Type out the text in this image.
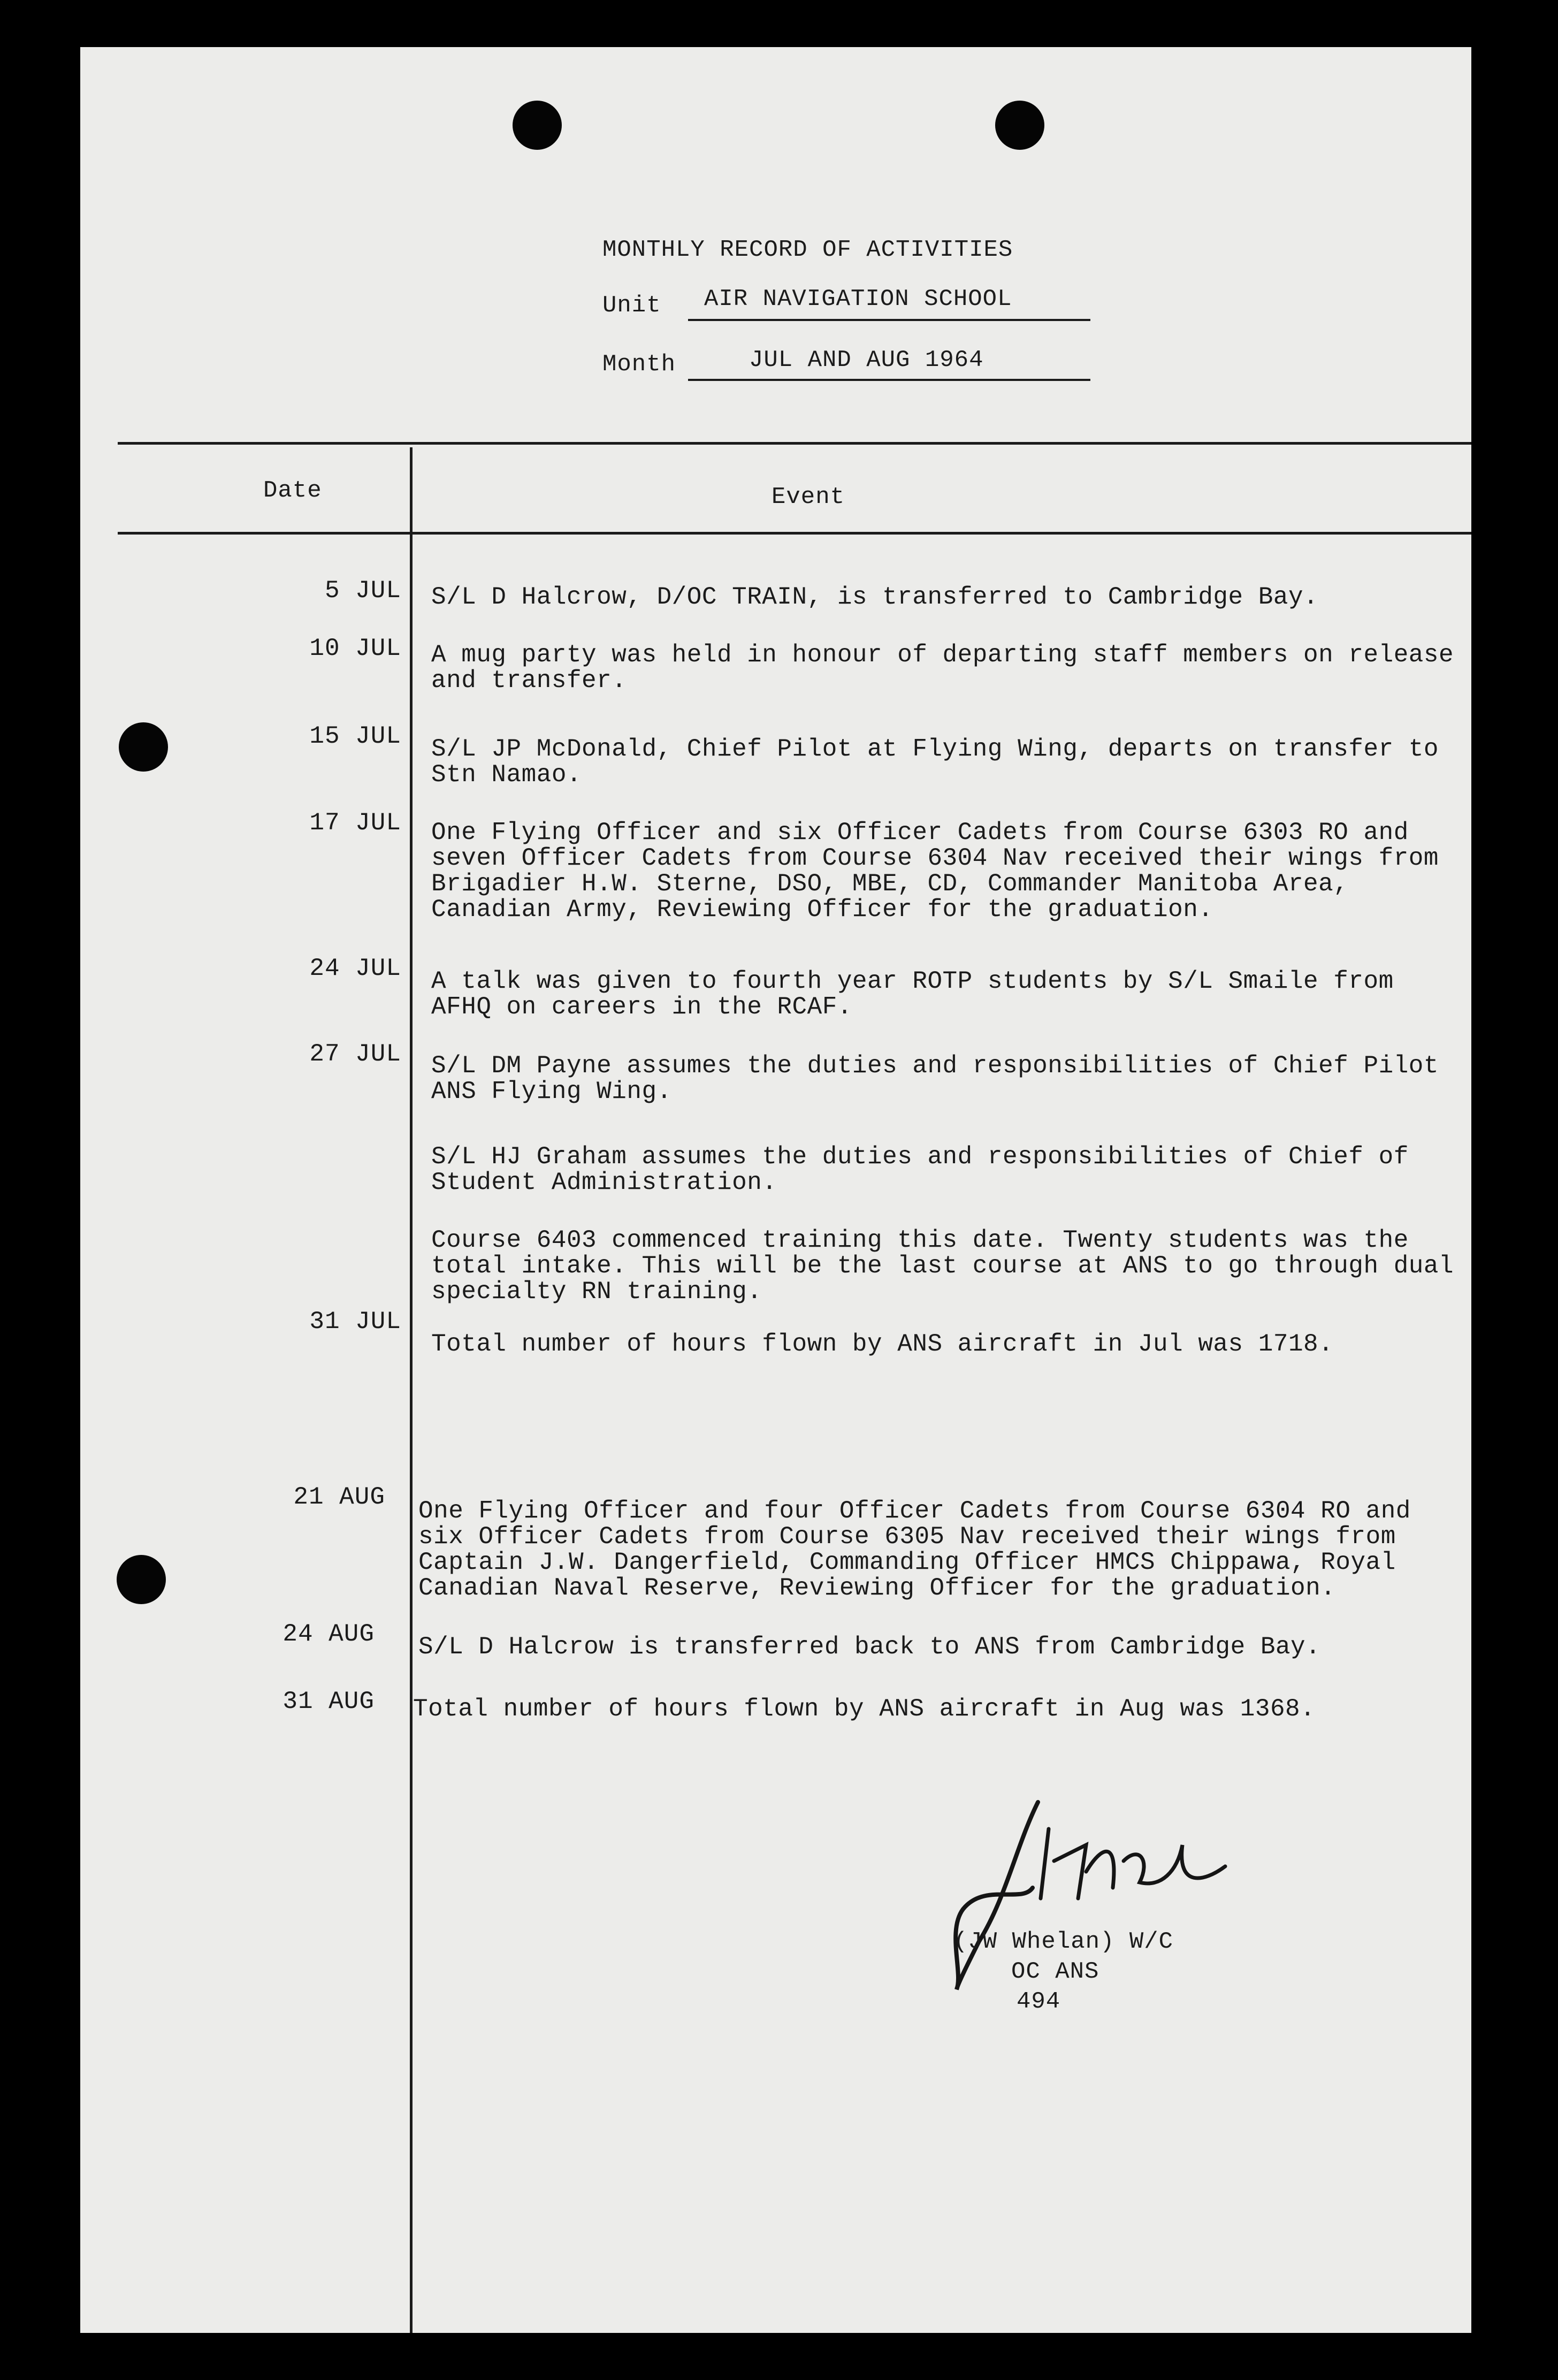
MONTHLY RECORD OF ACTIVITIES
Unit AIR NAVIGATION SCHOOL
Month	JUL AND AUG 1964
Date	Event
5 JUL S/L D Halcrow, D/OC TRAIN, is transferred to Cambridge Bay.
10 JUL A mug party was held in honour of departing staff members on release and transfer.
15 JUL S/L JP McDonald, Chief Pilot at Flying Wing, departs on transfer to Stn Namao.
17 JUL One Flying Officer and six Officer Cadets from Course 6303 RO and seven Officer Cadets from Course 6304 Nav received their wings from Brigadier H.W. Sterne, DSO, MBE, CD, Commander Manitoba Area, Canadian Army, Reviewing Officer for the graduation.
24 JUL A talk was given to fourth year ROTP students by S/L Smaile from AFHQ on careers in the RCAF.
27 JUL S/L DM Payne assumes the duties and responsibilities of Chief Pilot ANS Flying Wing.
S/L HJ Graham assumes the duties and responsibilities of Chief of Student Administration.
Course 6403 commenced training this date. Twenty students was the total intake. This will be the last course at ANS to go through dual specialty RN training.
31 JUL
Total number of hours flown by ANS aircraft in Jul was 1718.
21 AUG One Flying Officer and four Officer Cadets from Course 6304 RO and six Officer Cadets from Course 6305 Nav received their wings from Captain J.W. Dangerfield, Commanding Officer HMCS Chippawa, Royal Canadian Naval Reserve, Reviewing Officer for the graduation.
24 AUG S/L D Halcrow is transferred back to ANS from Cambridge Bay.
31 AUG Total number of hours flown by ANS aircraft in Aug was 1368.
(JW Whelan) W/C
OC ANS
494
